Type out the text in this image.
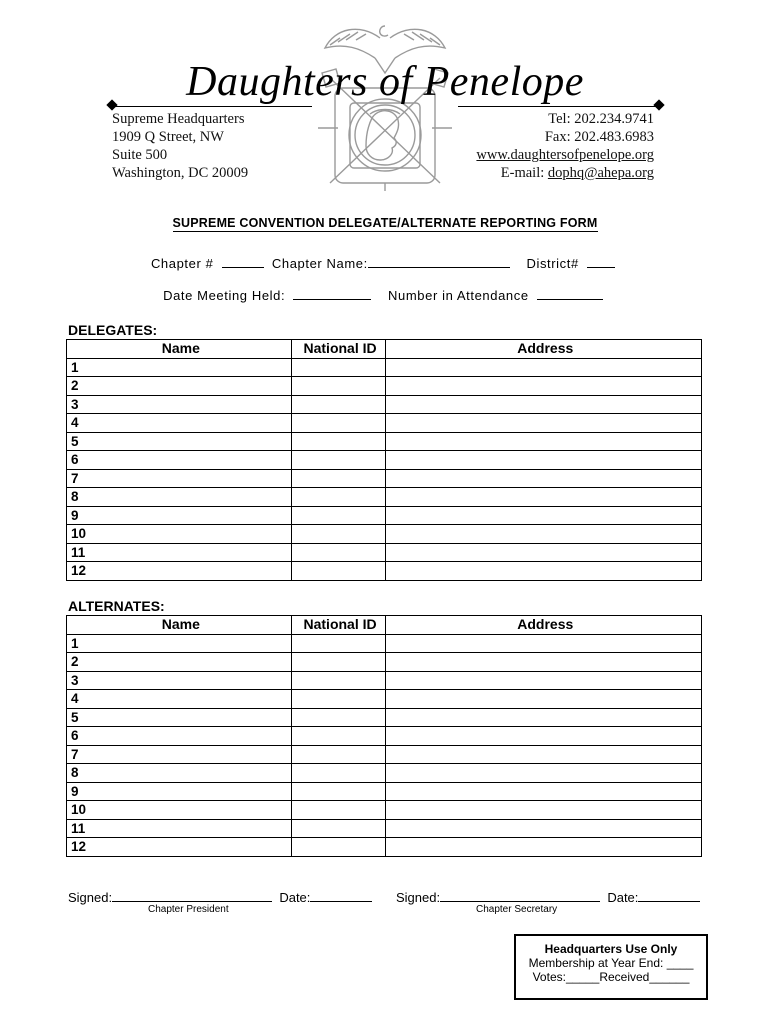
Daughters of Penelope
Supreme Headquarters
1909 Q Street, NW
Suite 500
Washington, DC 20009
Tel: 202.234.9741
Fax: 202.483.6983
www.daughtersofpenelope.org
E-mail: dophq@ahepa.org
SUPREME CONVENTION DELEGATE/ALTERNATE REPORTING FORM
Chapter #	Chapter Name:	District#
Date Meeting Held:	Number in Attendance
DELEGATES:
Name	National ID	Address
1		
2		
3		
4		
5		
6		
7		
8		
9		
10		
11		
12		
ALTERNATES:
Name	National ID	Address
1		
2		
3		
4		
5		
6		
7		
8		
9		
10		
11		
12		
Signed:	Date:
Chapter President
Signed:	Date:
Chapter Secretary
Headquarters Use Only
Membership at Year End: ____
Votes:_____Received______
